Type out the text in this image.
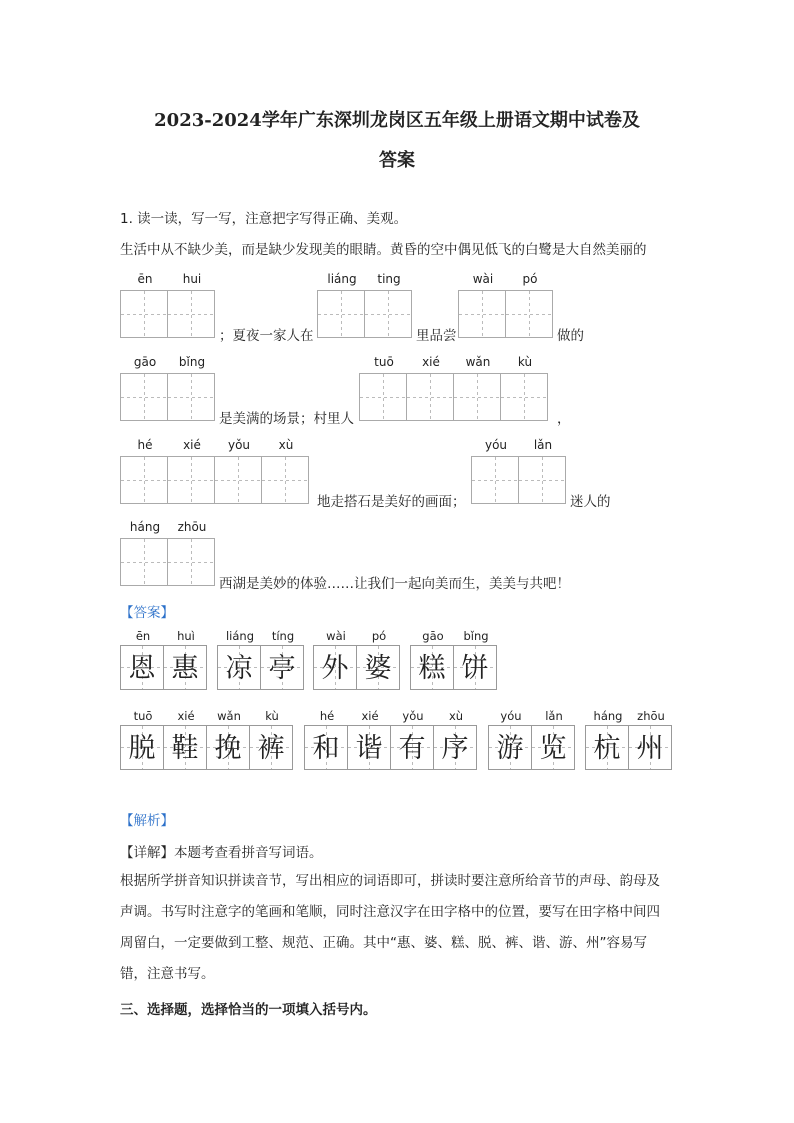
2023-2024学年广东深圳龙岗区五年级上册语文期中试卷及
答案
1. 读一读，写一写，注意把字写得正确、美观。
生活中从不缺少美，而是缺少发现美的眼睛。黄昏的空中偶见低飞的白鹭是大自然美丽的
ēn	hui	liáng	ting	wài	pó
gāo	bǐng	tuō	xié	wǎn	kù
hé	xié	yǒu	xù	yóu	lǎn
háng	zhōu
；夏夜一家人在	里品尝	做的
是美满的场景；村里人	，
地走搭石是美好的画面；	迷人的
西湖是美妙的体验……让我们一起向美而生，美美与共吧！
【答案】
ēn
恩
huì
惠
liáng
凉
tíng
亭
wài
外
pó
婆
gāo
糕
bǐng
饼
tuō
脱
xié
鞋
wǎn
挽
kù
裤
hé
和
xié
谐
yǒu
有
xù
序
yóu
游
lǎn
览
háng
杭
zhōu
州
【解析】
【详解】本题考查看拼音写词语。
根据所学拼音知识拼读音节，写出相应的词语即可，拼读时要注意所给音节的声母、韵母及声调。书写时注意字的笔画和笔顺，同时注意汉字在田字格中的位置，要写在田字格中间四周留白，一定要做到工整、规范、正确。其中“惠、婆、糕、脱、裤、谐、游、州”容易写错，注意书写。
三、选择题，选择恰当的一项填入括号内。
